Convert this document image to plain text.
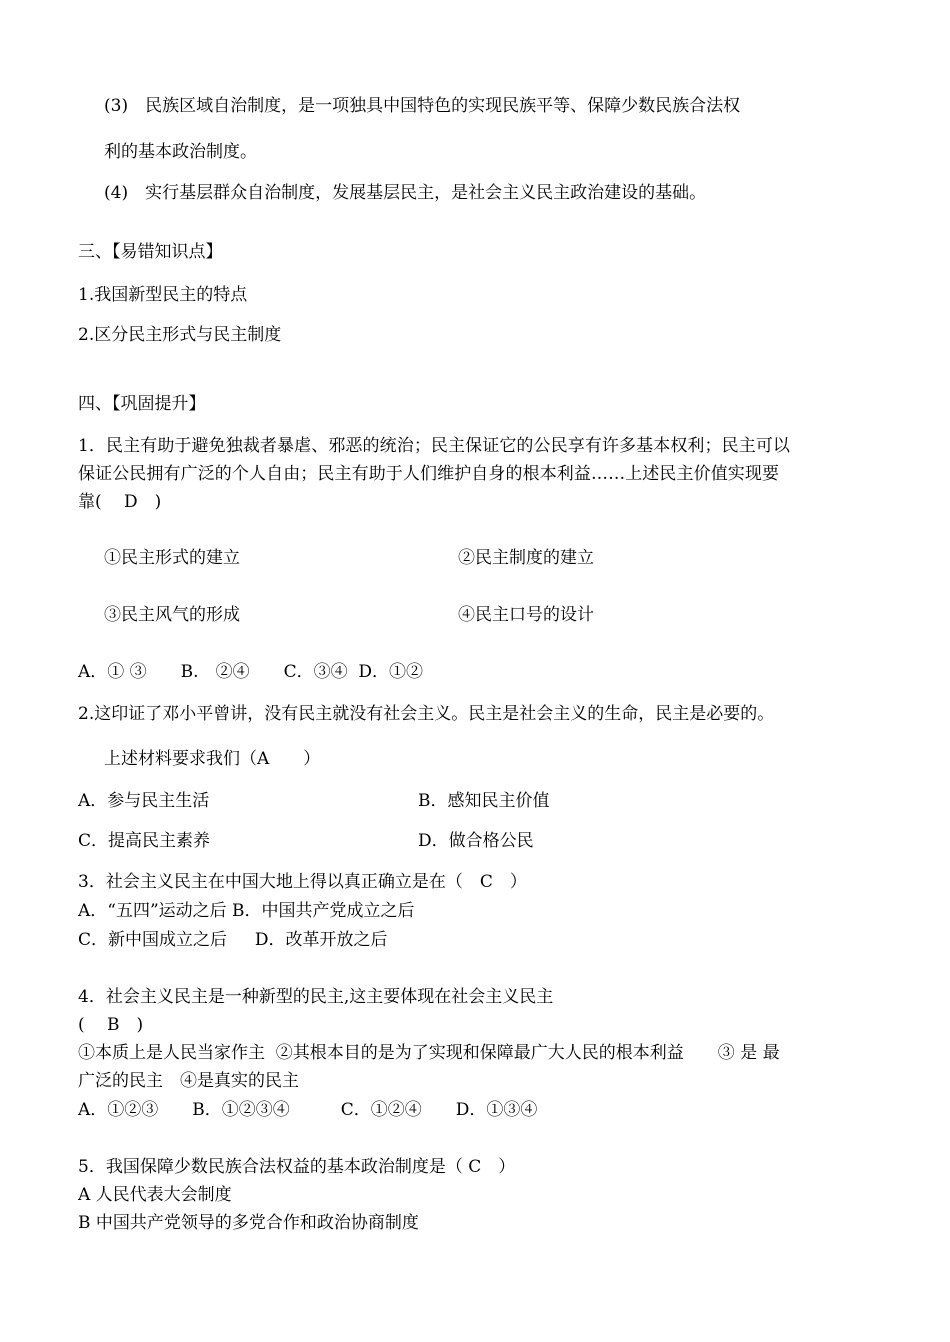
(3)　民族区域自治制度，是一项独具中国特色的实现民族平等、保障少数民族合法权
利的基本政治制度。
(4)　实行基层群众自治制度，发展基层民主，是社会主义民主政治建设的基础。
三、【易错知识点】
1.我国新型民主的特点
2.区分民主形式与民主制度
四、【巩固提升】
1．民主有助于避免独裁者暴虐、邪恶的统治；民主保证它的公民享有许多基本权利；民主可以
保证公民拥有广泛的个人自由；民主有助于人们维护自身的根本利益……上述民主价值实现要
靠(　 D　)
①民主形式的建立	②民主制度的建立
③民主风气的形成	④民主口号的设计
A．① ③　　B.　②④　　C．③④  D．①②
2.这印证了邓小平曾讲，没有民主就没有社会主义。民主是社会主义的生命，民主是必要的。
上述材料要求我们（A　　）
A．参与民主生活	B．感知民主价值
C．提高民主素养	D．做合格公民
3．社会主义民主在中国大地上得以真正确立是在（　C　）
A．“五四”运动之后 B．中国共产党成立之后
C．新中国成立之后　  D．改革开放之后
4．社会主义民主是一种新型的民主,这主要体现在社会主义民主
(　 B　)
①本质上是人民当家作主  ②其根本目的是为了实现和保障最广大人民的根本利益　　③ 是 最
广泛的民主　④是真实的民主
A．①②③　　B．①②③④　　　C．①②④　　D．①③④
5．我国保障少数民族合法权益的基本政治制度是（ C　）
A 人民代表大会制度
B 中国共产党领导的多党合作和政治协商制度
